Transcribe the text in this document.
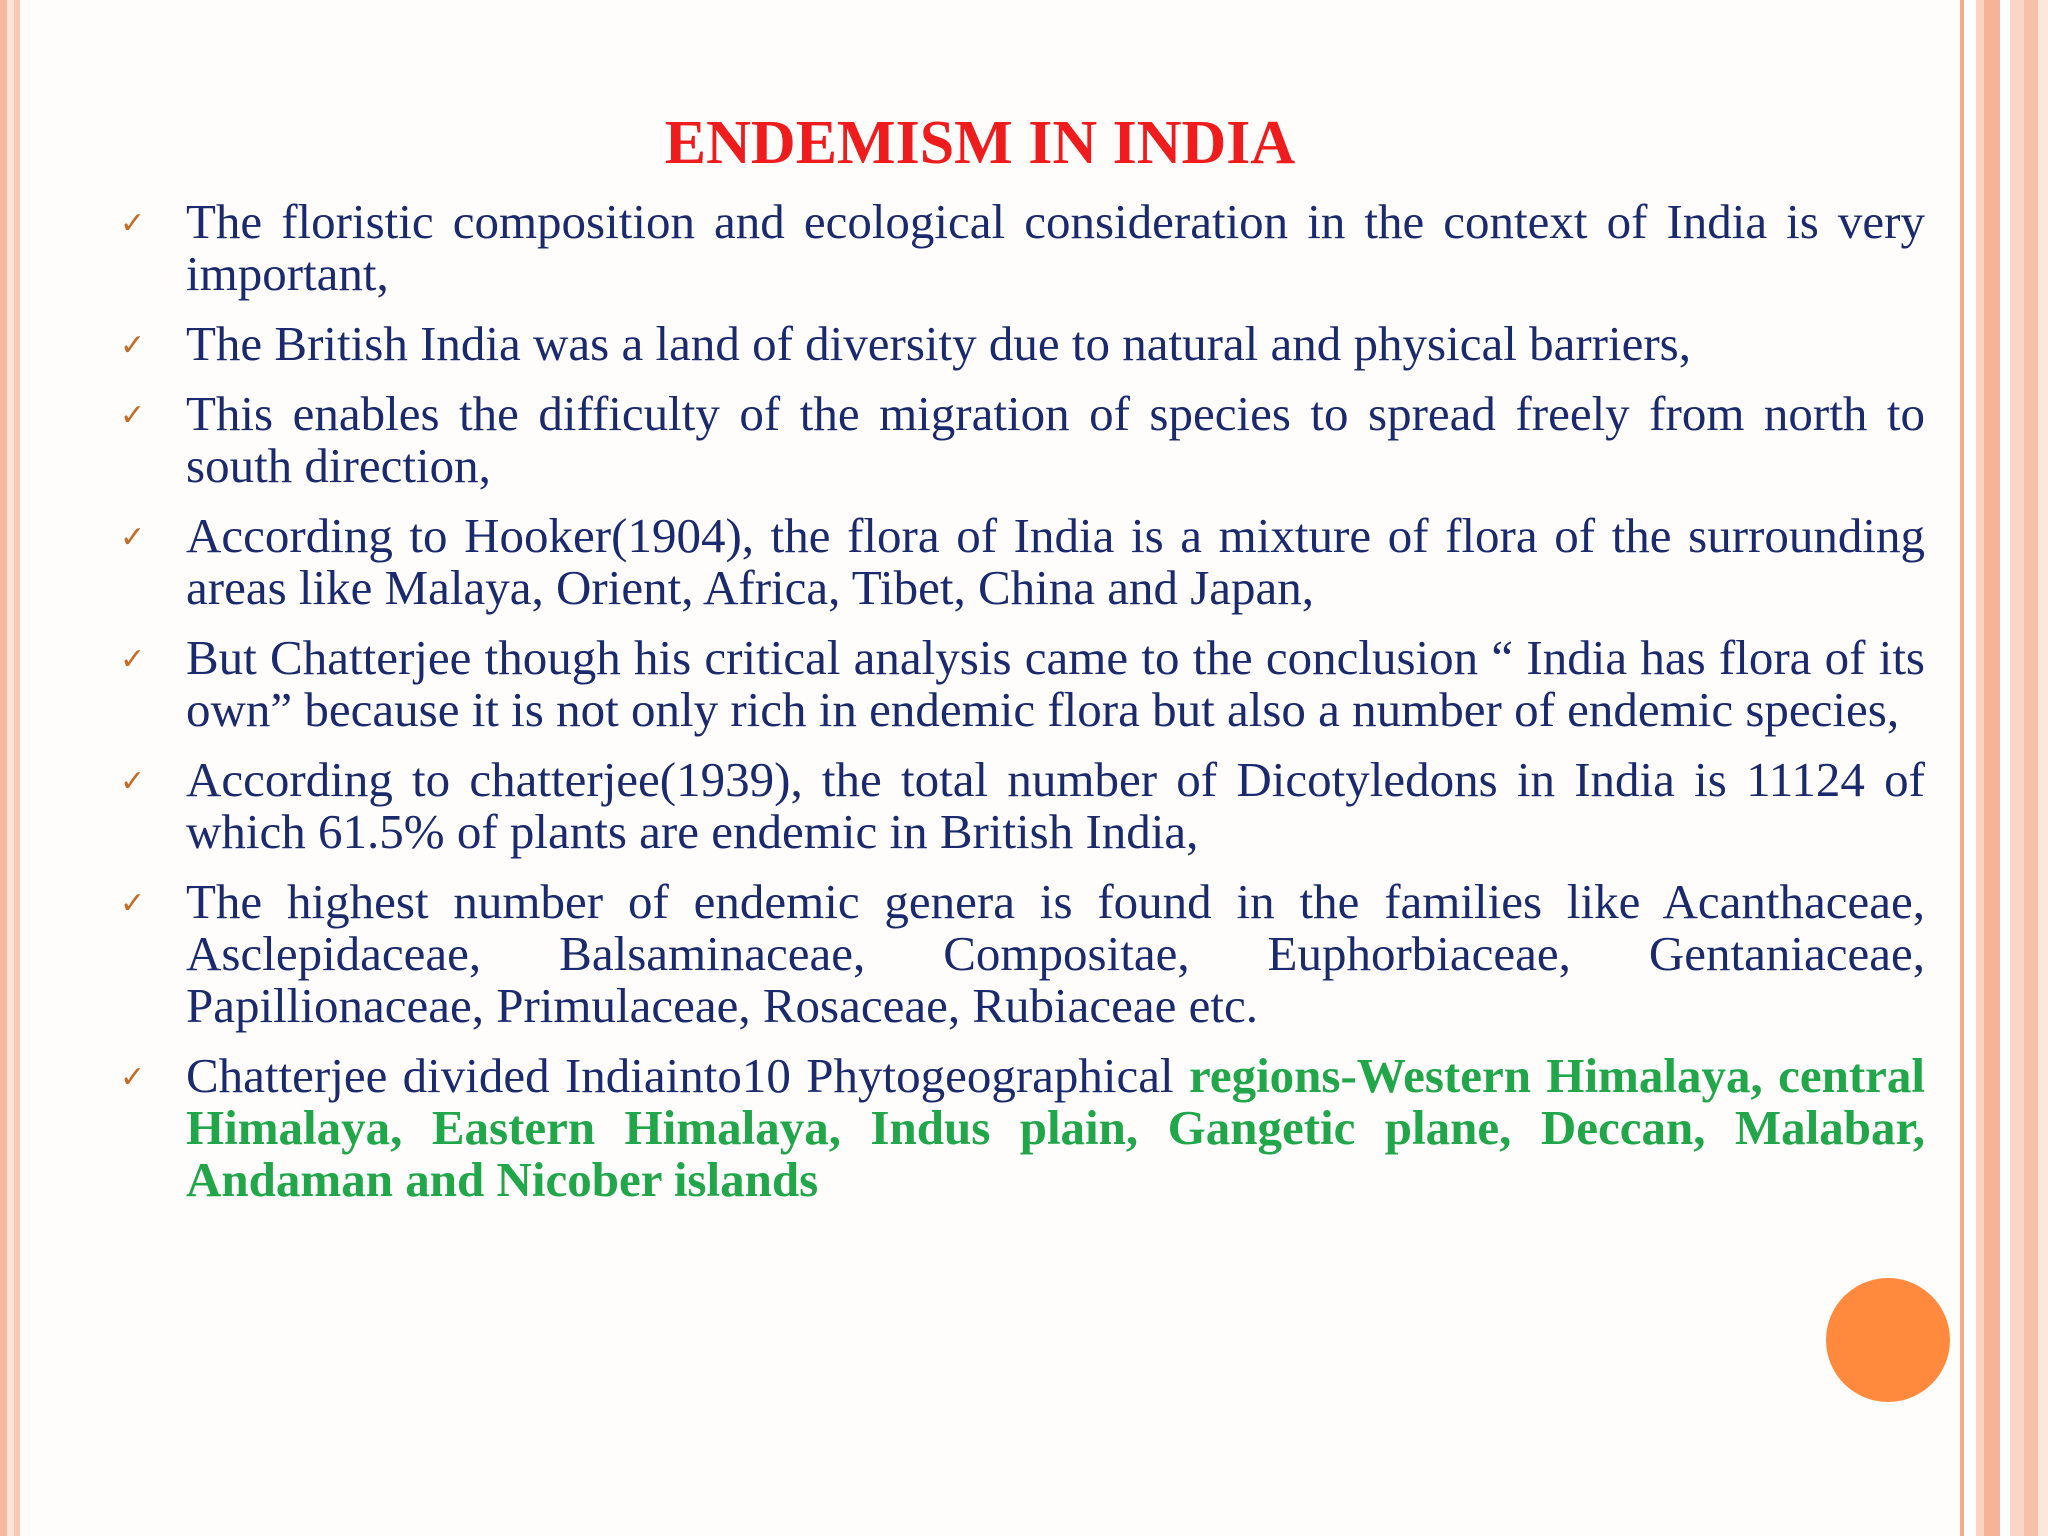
ENDEMISM IN INDIA
✓ The floristic composition and ecological consideration in the context of India is very important,
✓ The British India was a land of diversity due to natural and physical barriers,
✓ This enables the difficulty of the migration of species to spread freely from north to south direction,
✓ According to Hooker(1904), the flora of India is a mixture of flora of the surrounding areas like Malaya, Orient, Africa, Tibet, China and Japan,
✓ But Chatterjee though his critical analysis came to the conclusion “ India has flora of its own” because it is not only rich in endemic flora but also a number of endemic species,
✓ According to chatterjee(1939), the total number of Dicotyledons in India is 11124 of which 61.5% of plants are endemic in British India,
✓ The highest number of endemic genera is found in the families like Acanthaceae, Asclepidaceae, Balsaminaceae, Compositae, Euphorbiaceae, Gentaniaceae, Papillionaceae, Primulaceae, Rosaceae, Rubiaceae etc.
✓ Chatterjee divided Indiainto10 Phytogeographical regions-Western Himalaya, central Himalaya, Eastern Himalaya, Indus plain, Gangetic plane, Deccan, Malabar, Andaman and Nicober islands
